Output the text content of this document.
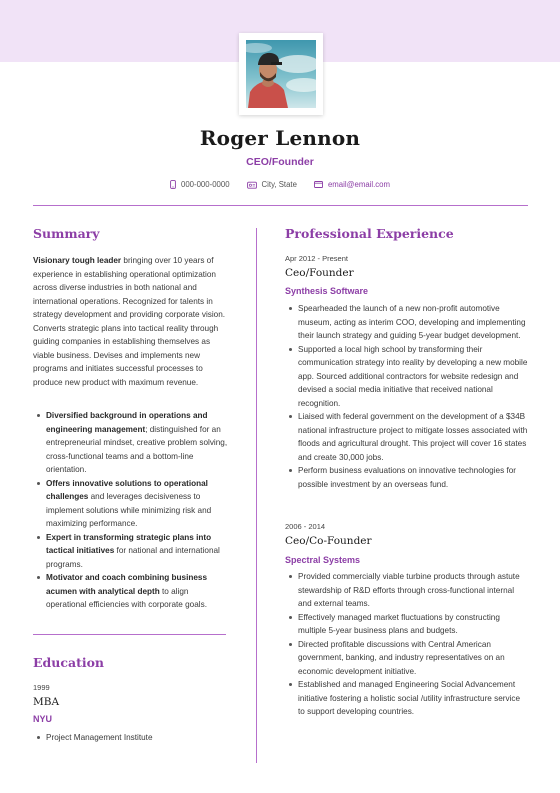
Roger Lennon
CEO/Founder
000-000-0000	City, State	email@email.com
Summary
Visionary tough leader bringing over 10 years of experience in establishing operational optimization across diverse industries in both national and international operations. Recognized for talents in strategy development and providing corporate vision. Converts strategic plans into tactical reality through guiding companies in establishing themselves as viable business. Devises and implements new programs and initiates successful processes to produce new product with maximum revenue.
Diversified background in operations and engineering management; distinguished for an entrepreneurial mindset, creative problem solving, cross-functional teams and a bottom-line orientation.
Offers innovative solutions to operational challenges and leverages decisiveness to implement solutions while minimizing risk and maximizing performance.
Expert in transforming strategic plans into tactical initiatives for national and international programs.
Motivator and coach combining business acumen with analytical depth to align operational efficiencies with corporate goals.
Education
1999
MBA
NYU
Project Management Institute
Professional Experience
Apr 2012 - Present
Ceo/Founder
Synthesis Software
Spearheaded the launch of a new non-profit automotive museum, acting as interim COO, developing and implementing their launch strategy and guiding 5-year budget development.
Supported a local high school by transforming their communication strategy into reality by developing a new mobile app. Sourced additional contractors for website redesign and devised a social media initiative that received national recognition.
Liaised with federal government on the development of a $34B national infrastructure project to mitigate losses associated with floods and agricultural drought. This project will cover 16 states and create 30,000 jobs.
Perform business evaluations on innovative technologies for possible investment by an overseas fund.
2006 - 2014
Ceo/Co-Founder
Spectral Systems
Provided commercially viable turbine products through astute stewardship of R&D efforts through cross-functional internal and external teams.
Effectively managed market fluctuations by constructing multiple 5-year business plans and budgets.
Directed profitable discussions with Central American government, banking, and industry representatives on an economic development initiative.
Established and managed Engineering Social Advancement initiative fostering a holistic social /utility infrastructure service to support developing countries.
